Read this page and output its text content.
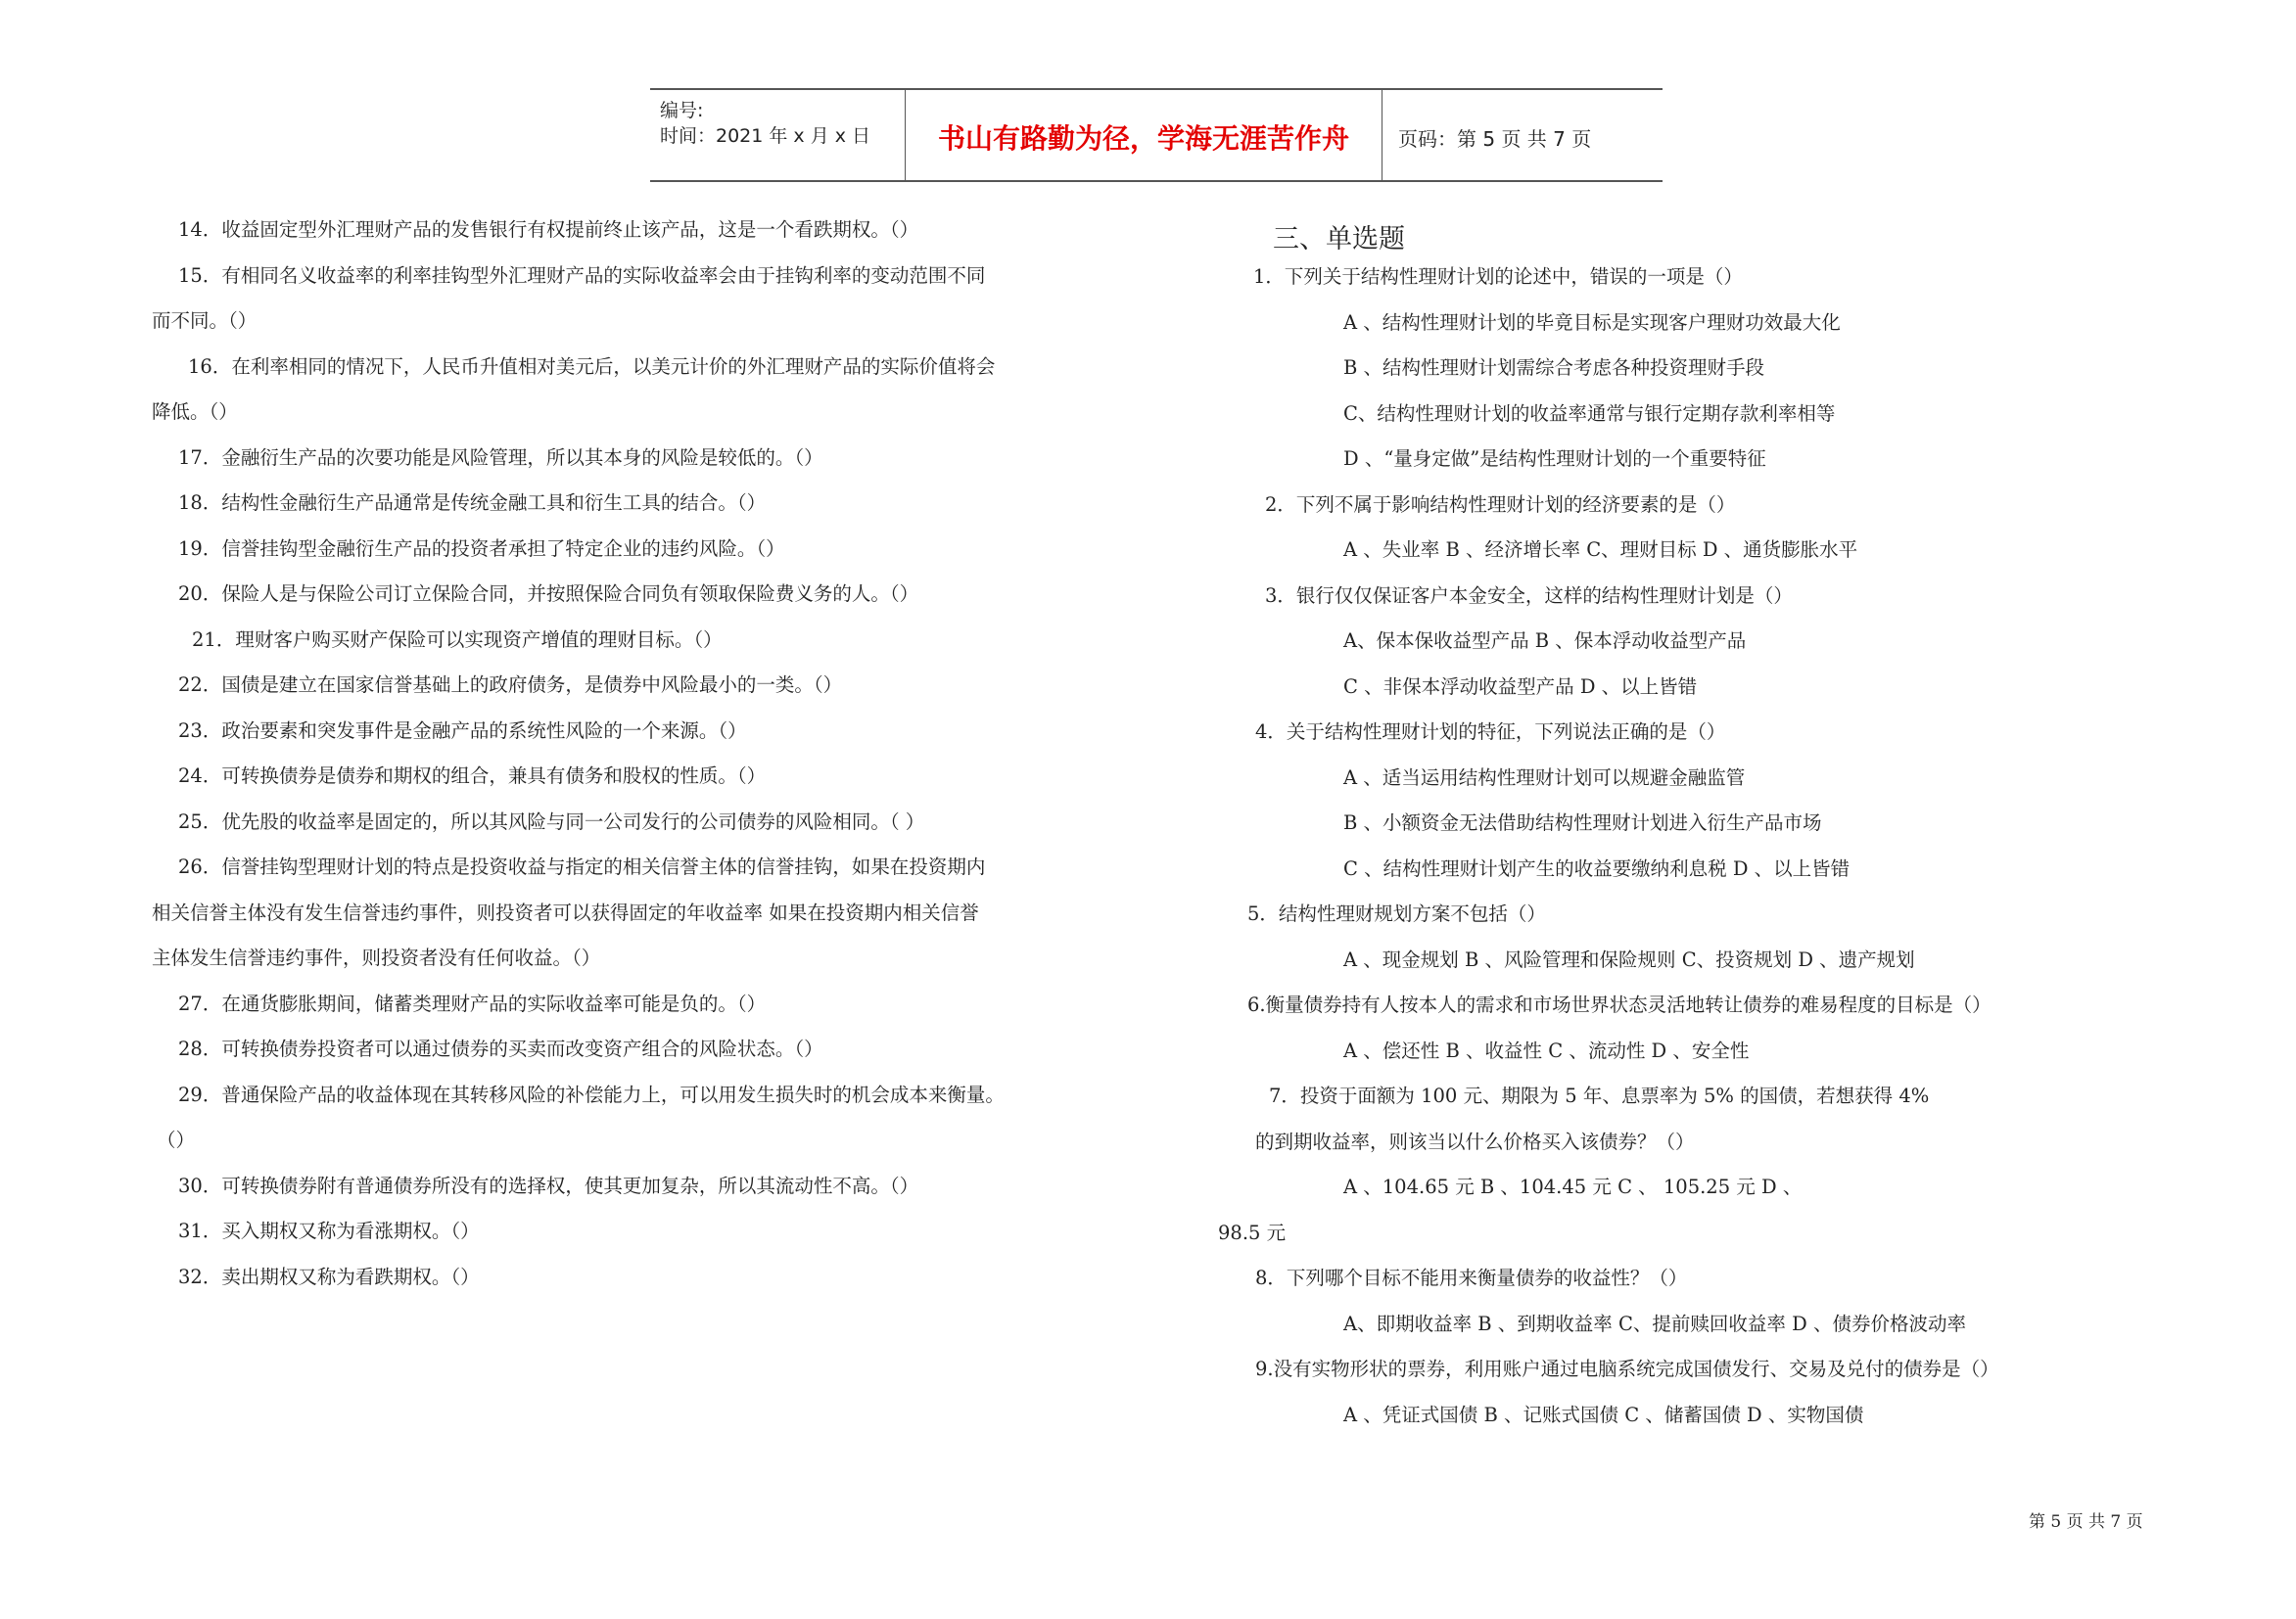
编号:
时间：2021 年 x 月 x 日	书山有路勤为径，学海无涯苦作舟	页码：第 5 页 共 7 页
14．收益固定型外汇理财产品的发售银行有权提前终止该产品，这是一个看跌期权。（）
15．有相同名义收益率的利率挂钩型外汇理财产品的实际收益率会由于挂钩利率的变动范围不同
而不同。（）
16．在利率相同的情况下，人民币升值相对美元后，以美元计价的外汇理财产品的实际价值将会
降低。（）
17．金融衍生产品的次要功能是风险管理，所以其本身的风险是较低的。（）
18．结构性金融衍生产品通常是传统金融工具和衍生工具的结合。（）
19．信誉挂钩型金融衍生产品的投资者承担了特定企业的违约风险。（）
20．保险人是与保险公司订立保险合同，并按照保险合同负有领取保险费义务的人。（）
21．理财客户购买财产保险可以实现资产增值的理财目标。（）
22．国债是建立在国家信誉基础上的政府债务，是债券中风险最小的一类。（）
23．政治要素和突发事件是金融产品的系统性风险的一个来源。（）
24．可转换债券是债券和期权的组合，兼具有债务和股权的性质。（）
25．优先股的收益率是固定的，所以其风险与同一公司发行的公司债券的风险相同。（ ）
26．信誉挂钩型理财计划的特点是投资收益与指定的相关信誉主体的信誉挂钩，如果在投资期内
相关信誉主体没有发生信誉违约事件，则投资者可以获得固定的年收益率 如果在投资期内相关信誉
主体发生信誉违约事件，则投资者没有任何收益。（）
27．在通货膨胀期间，储蓄类理财产品的实际收益率可能是负的。（）
28．可转换债券投资者可以通过债券的买卖而改变资产组合的风险状态。（）
29．普通保险产品的收益体现在其转移风险的补偿能力上，可以用发生损失时的机会成本来衡量。
（）
30．可转换债券附有普通债券所没有的选择权，使其更加复杂，所以其流动性不高。（）
31．买入期权又称为看涨期权。（）
32．卖出期权又称为看跌期权。（）
三、单选题
1．下列关于结构性理财计划的论述中，错误的一项是（）
A 、结构性理财计划的毕竟目标是实现客户理财功效最大化
B 、结构性理财计划需综合考虑各种投资理财手段
C、结构性理财计划的收益率通常与银行定期存款利率相等
D 、“量身定做”是结构性理财计划的一个重要特征
2．下列不属于影响结构性理财计划的经济要素的是（）
A 、失业率 B 、经济增长率 C、理财目标 D 、通货膨胀水平
3．银行仅仅保证客户本金安全，这样的结构性理财计划是（）
A、保本保收益型产品 B 、保本浮动收益型产品
C 、非保本浮动收益型产品 D 、以上皆错
4．关于结构性理财计划的特征，下列说法正确的是（）
A 、适当运用结构性理财计划可以规避金融监管
B 、小额资金无法借助结构性理财计划进入衍生产品市场
C 、结构性理财计划产生的收益要缴纳利息税 D 、以上皆错
5．结构性理财规划方案不包括（）
A 、现金规划 B 、风险管理和保险规则 C、投资规划 D 、遗产规划
6.衡量债券持有人按本人的需求和市场世界状态灵活地转让债券的难易程度的目标是（）
A 、偿还性 B 、收益性 C 、流动性 D 、安全性
7．投资于面额为 100 元、期限为 5 年、息票率为 5% 的国债，若想获得 4%
的到期收益率，则该当以什么价格买入该债券？（）
A 、104.65 元 B 、104.45 元 C 、 105.25 元 D 、
98.5 元
8．下列哪个目标不能用来衡量债券的收益性？（）
A、即期收益率 B 、到期收益率 C、提前赎回收益率 D 、债券价格波动率
9.没有实物形状的票券，利用账户通过电脑系统完成国债发行、交易及兑付的债券是（）
A 、凭证式国债 B 、记账式国债 C 、储蓄国债 D 、实物国债
第 5 页 共 7 页
